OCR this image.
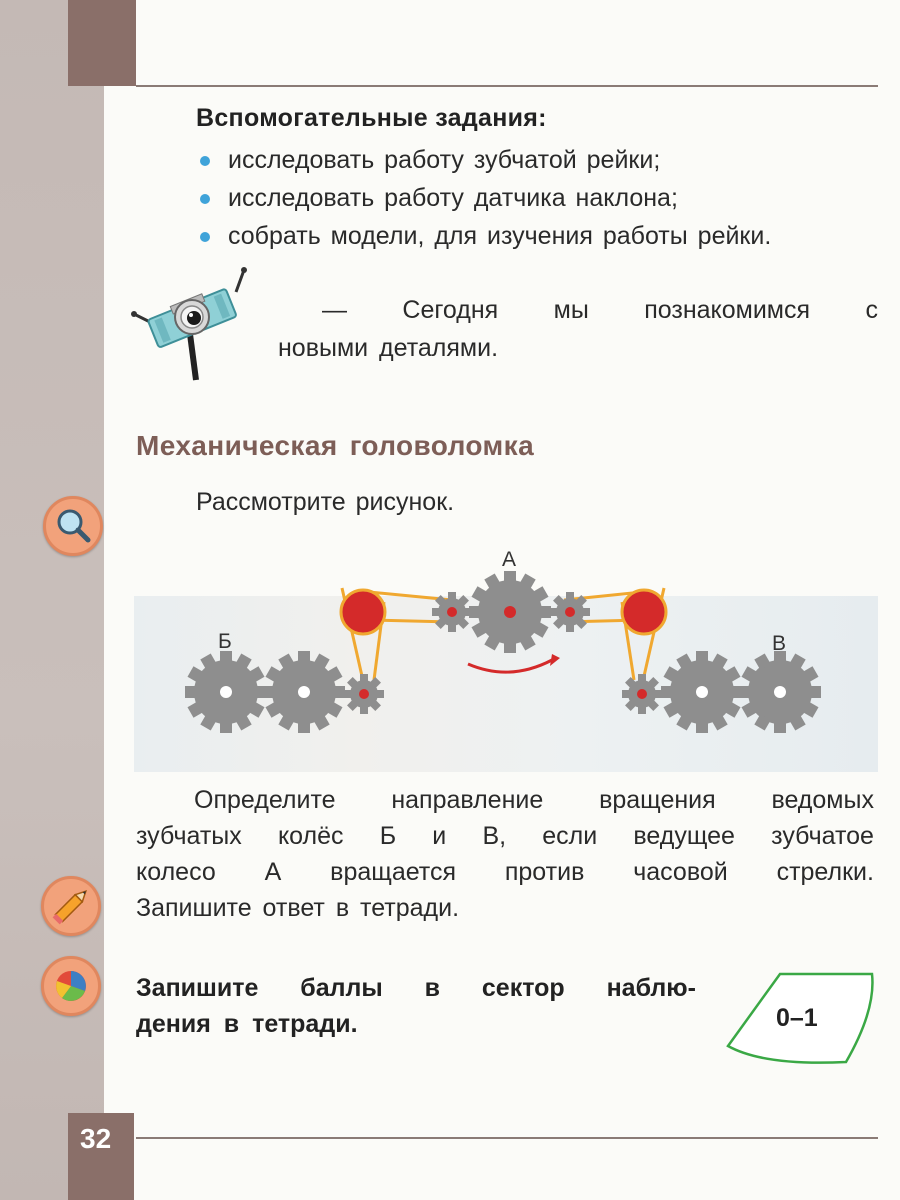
Вспомогательные задания:
исследовать работу зубчатой рейки;
исследовать работу датчика наклона;
собрать модели, для изучения работы рейки.
— Сегодня мы познакомимся с
новыми деталями.
Механическая головоломка
Рассмотрите рисунок.
А
Б	В
Определите направление вращения ведомых
зубчатых колёс Б и В, если ведущее зубчатое
колесо А вращается против часовой стрелки.
Запишите ответ в тетради.
Запишите баллы в сектор наблю-
дения в тетради.	0–1
32
